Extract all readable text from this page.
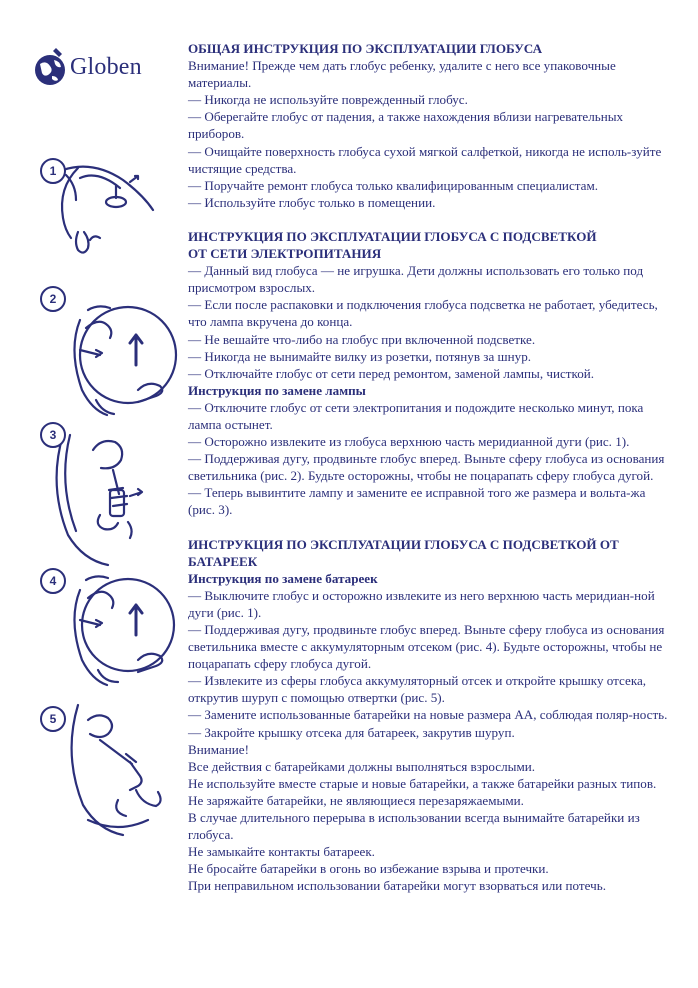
Globen
1
2
3
4
5

ОБЩАЯ ИНСТРУКЦИЯ ПО ЭКСПЛУАТАЦИИ ГЛОБУСА

Внимание! Прежде чем дать глобус ребенку, удалите с него все упаковочные материалы.

— Никогда не используйте поврежденный глобус.

— Оберегайте глобус от падения, а также нахождения вблизи нагревательных приборов.

— Очищайте поверхность глобуса сухой мягкой салфеткой, никогда не исполь-зуйте чистящие средства.

— Поручайте ремонт глобуса только квалифицированным специалистам.

— Используйте глобус только в помещении.

ИНСТРУКЦИЯ ПО ЭКСПЛУАТАЦИИ ГЛОБУСА С ПОДСВЕТКОЙ

ОТ СЕТИ ЭЛЕКТРОПИТАНИЯ

— Данный вид глобуса — не игрушка. Дети должны использовать его только под присмотром взрослых.

— Если после распаковки и подключения глобуса подсветка не работает, убедитесь, что лампа вкручена до конца.

— Не вешайте что-либо на глобус при включенной подсветке.

— Никогда не вынимайте вилку из розетки, потянув за шнур.

— Отключайте глобус от сети перед ремонтом, заменой лампы, чисткой.

Инструкция по замене лампы

— Отключите глобус от сети электропитания и подождите несколько минут, пока лампа остынет.

— Осторожно извлеките из глобуса верхнюю часть меридианной дуги (рис. 1).

— Поддерживая дугу, продвиньте глобус вперед. Выньте сферу глобуса из основания светильника (рис. 2). Будьте осторожны, чтобы не поцарапать сферу глобуса дугой.

— Теперь вывинтите лампу и замените ее исправной того же размера и вольта-жа (рис. 3).

ИНСТРУКЦИЯ ПО ЭКСПЛУАТАЦИИ ГЛОБУСА С ПОДСВЕТКОЙ ОТ

БАТАРЕЕК

Инструкция по замене батареек

— Выключите глобус и осторожно извлеките из него верхнюю часть меридиан-ной дуги (рис. 1).

— Поддерживая дугу, продвиньте глобус вперед. Выньте сферу глобуса из основания светильника вместе с аккумуляторным отсеком (рис. 4). Будьте осторожны, чтобы не поцарапать сферу глобуса дугой.

— Извлеките из сферы глобуса аккумуляторный отсек и откройте крышку отсека, открутив шуруп с помощью отвертки (рис. 5).

— Замените использованные батарейки на новые размера АА, соблюдая поляр-ность.

— Закройте крышку отсека для батареек, закрутив шуруп.

Внимание!

Все действия с батарейками должны выполняться взрослыми.

Не используйте вместе старые и новые батарейки, а также батарейки разных типов.

Не заряжайте батарейки, не являющиеся перезаряжаемыми.

В случае длительного перерыва в использовании всегда вынимайте батарейки из глобуса.

Не замыкайте контакты батареек.

Не бросайте батарейки в огонь во избежание взрыва и протечки.

При неправильном использовании батарейки могут взорваться или потечь.
